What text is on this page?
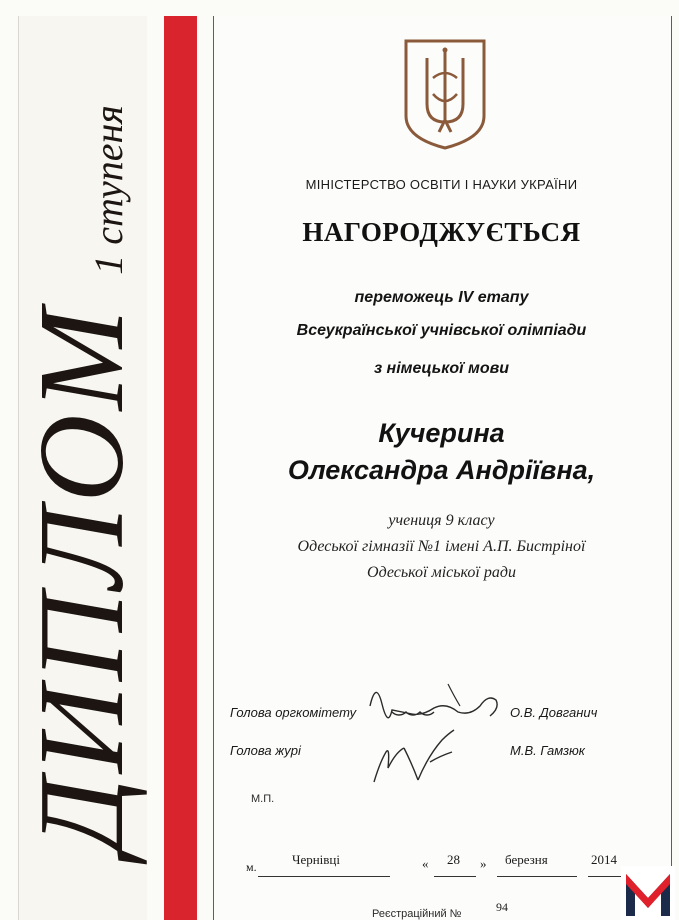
ДИПЛОМ1 ступеня	МІНІСТЕРСТВО ОСВІТИ І НАУКИ УКРАЇНИ
НАГОРОДЖУЄТЬСЯ
переможець IV етапу
Всеукраїнської учнівської олімпіади
з німецької мови
Кучерина
Олександра Андріївна,
учениця 9 класу
Одеської гімназії №1 імені А.П. Бистріної
Одеської міської ради
Голова оргкомітету	О.В. Довганич
Голова журі	М.В. Гамзюк
М.П.
м.	Чернівці	« 28 » березня	2014
Реєстраційний №	94
